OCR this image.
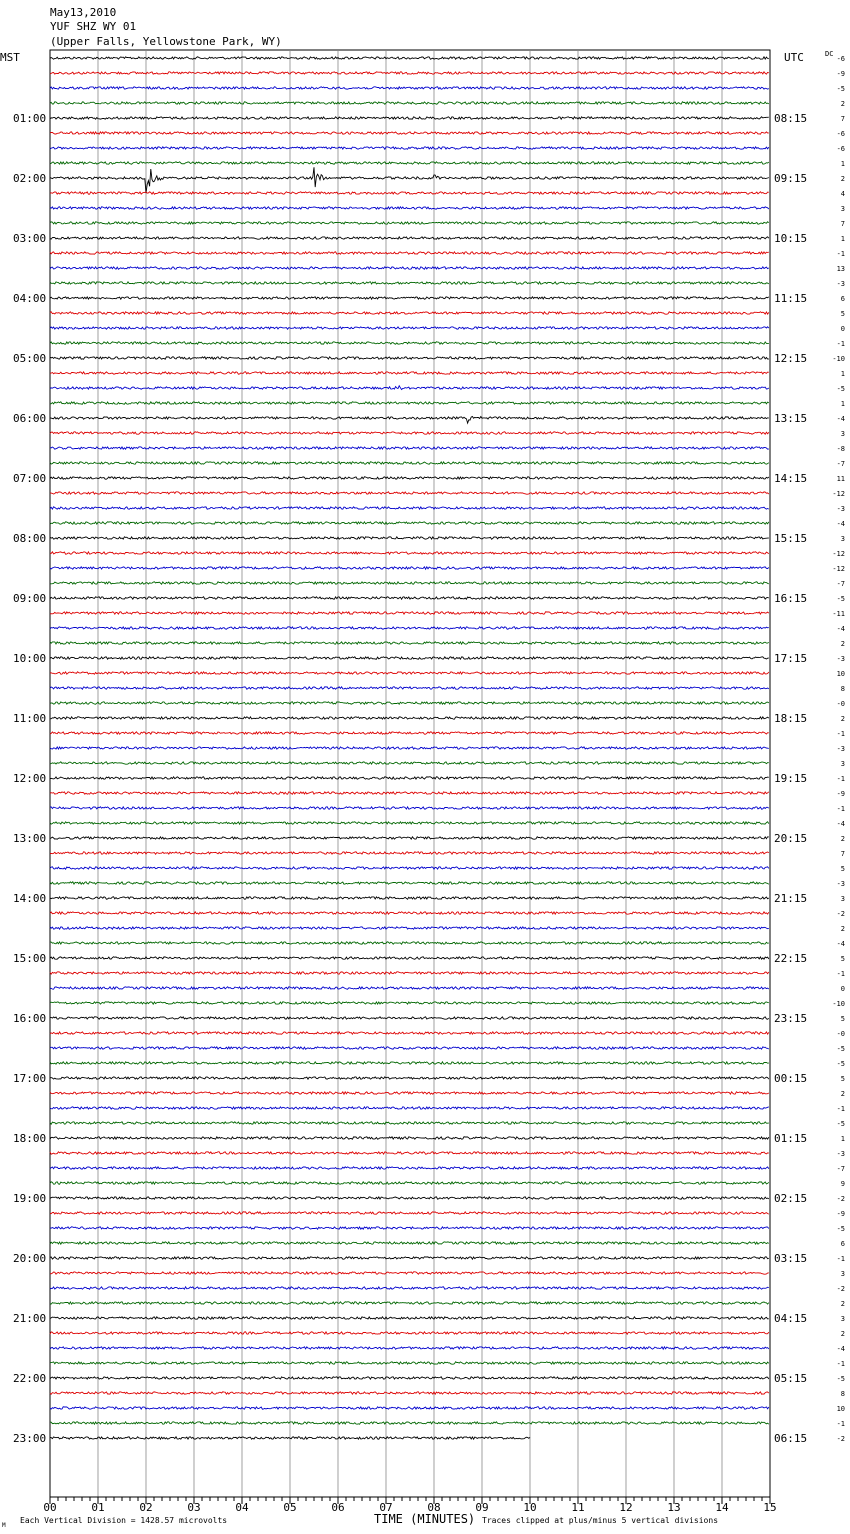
01:00
02:00
03:00
04:00
05:00
06:00
07:00
08:00
09:00
10:00
11:00
12:00
13:00
14:00
15:00
16:00
17:00
18:00
19:00
20:00
21:00
22:00
23:00
08:15
09:15
10:15
11:15
12:15
13:15
14:15
15:15
16:15
17:15
18:15
19:15
20:15
21:15
22:15
23:15
00:15
01:15
02:15
03:15
04:15
05:15
06:15
-6
-9
-5
2
7
-6
-6
1
2
4
3
7
1
-1
13
-3
6
5
0
-1
-10
1
-5
1
-4
3
-8
-7
11
-12
-3
-4
3
-12
-12
-7
-5
-11
-4
2
-3
10
8
-0
2
-1
-3
3
-1
-9
-1
-4
2
7
5
-3
3
-2
2
-4
5
-1
0
-10
5
-0
-5
-5
5
2
-1
-5
1
-3
-7
9
-2
-9
-5
6
-1
3
-2
2
3
2
-4
-1
-5
8
10
-1
-2
00	01	02	03	04	05	06	07	08	09	10	11	12	13	14	15
May13,2010
YUF SHZ WY 01
(Upper Falls, Yellowstone Park, WY)
MST	UTC	DC
TIME (MINUTES)
Each Vertical Division = 1428.57 microvolts	Traces clipped at plus/minus 5 vertical divisions
M
